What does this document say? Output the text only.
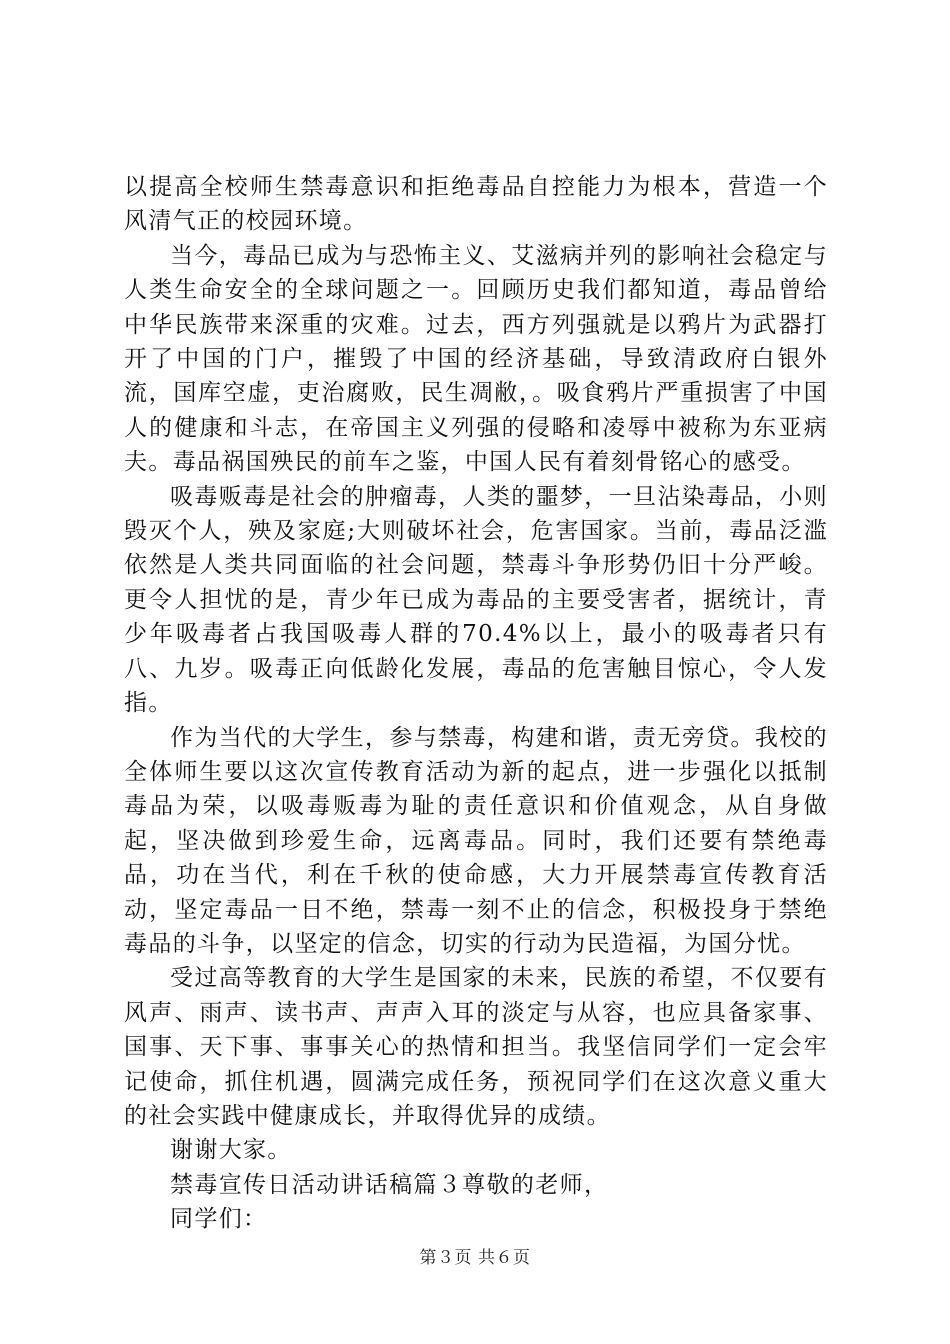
以提高全校师生禁毒意识和拒绝毒品自控能力为根本，营造一个风清气正的校园环境。

当今，毒品已成为与恐怖主义、艾滋病并列的影响社会稳定与人类生命安全的全球问题之一。回顾历史我们都知道，毒品曾给中华民族带来深重的灾难。过去，西方列强就是以鸦片为武器打开了中国的门户，摧毁了中国的经济基础，导致清政府白银外流，国库空虚，吏治腐败，民生凋敝，。吸食鸦片严重损害了中国人的健康和斗志，在帝国主义列强的侵略和凌辱中被称为东亚病夫。毒品祸国殃民的前车之鉴，中国人民有着刻骨铭心的感受。

吸毒贩毒是社会的肿瘤毒，人类的噩梦，一旦沾染毒品，小则毁灭个人，殃及家庭;大则破坏社会，危害国家。当前，毒品泛滥依然是人类共同面临的社会问题，禁毒斗争形势仍旧十分严峻。更令人担忧的是，青少年已成为毒品的主要受害者，据统计，青少年吸毒者占我国吸毒人群的70.4%以上，最小的吸毒者只有八、九岁。吸毒正向低龄化发展，毒品的危害触目惊心，令人发指。

作为当代的大学生，参与禁毒，构建和谐，责无旁贷。我校的全体师生要以这次宣传教育活动为新的起点，进一步强化以抵制毒品为荣，以吸毒贩毒为耻的责任意识和价值观念，从自身做起，坚决做到珍爱生命，远离毒品。同时，我们还要有禁绝毒品，功在当代，利在千秋的使命感，大力开展禁毒宣传教育活动，坚定毒品一日不绝，禁毒一刻不止的信念，积极投身于禁绝毒品的斗争，以坚定的信念，切实的行动为民造福，为国分忧。

受过高等教育的大学生是国家的未来，民族的希望，不仅要有风声、雨声、读书声、声声入耳的淡定与从容，也应具备家事、国事、天下事、事事关心的热情和担当。我坚信同学们一定会牢记使命，抓住机遇，圆满完成任务，预祝同学们在这次意义重大的社会实践中健康成长，并取得优异的成绩。

谢谢大家。

禁毒宣传日活动讲话稿篇３尊敬的老师，

同学们：

第３页 共６页
